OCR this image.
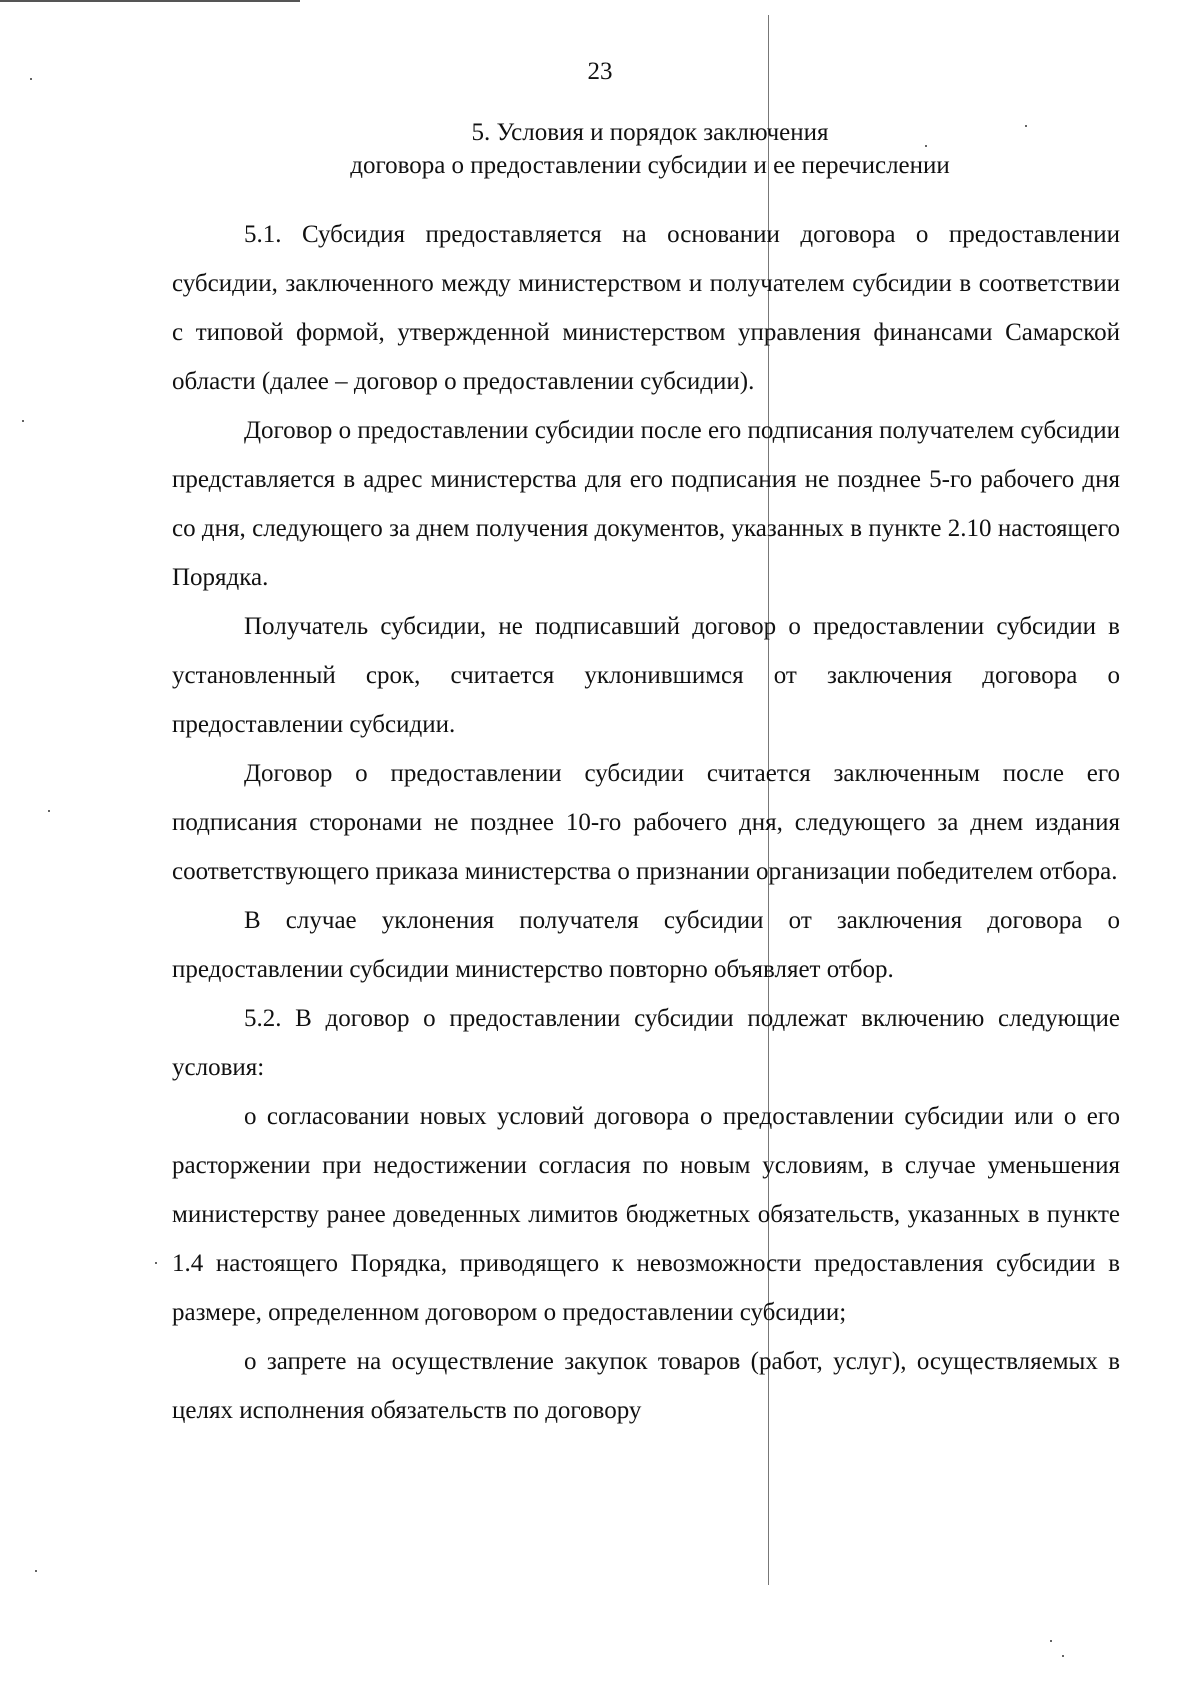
23
5. Условия и порядок заключения
договора о предоставлении субсидии и ее перечислении

5.1. Субсидия предоставляется на основании договора о предоставлении субсидии, заключенного между министерством и получателем субсидии в соответствии с типовой формой, утвержденной министерством управления финансами Самарской области (далее – договор о предоставлении субсидии).

Договор о предоставлении субсидии после его подписания получателем субсидии представляется в адрес министерства для его подписания не позднее 5-го рабочего дня со дня, следующего за днем получения документов, указанных в пункте 2.10 настоящего Порядка.

Получатель субсидии, не подписавший договор о предоставлении субсидии в установленный срок, считается уклонившимся от заключения договора о предоставлении субсидии.

Договор о предоставлении субсидии считается заключенным после его подписания сторонами не позднее 10-го рабочего дня, следующего за днем издания соответствующего приказа министерства о признании организации победителем отбора.

В случае уклонения получателя субсидии от заключения договора о предоставлении субсидии министерство повторно объявляет отбор.

5.2. В договор о предоставлении субсидии подлежат включению следующие условия:

о согласовании новых условий договора о предоставлении субсидии или о его расторжении при недостижении согласия по новым условиям, в случае уменьшения министерству ранее доведенных лимитов бюджетных обязательств, указанных в пункте 1.4 настоящего Порядка, приводящего к невозможности предоставления субсидии в размере, определенном договором о предоставлении субсидии;

о запрете на осуществление закупок товаров (работ, услуг), осуществляемых в целях исполнения обязательств по договору
